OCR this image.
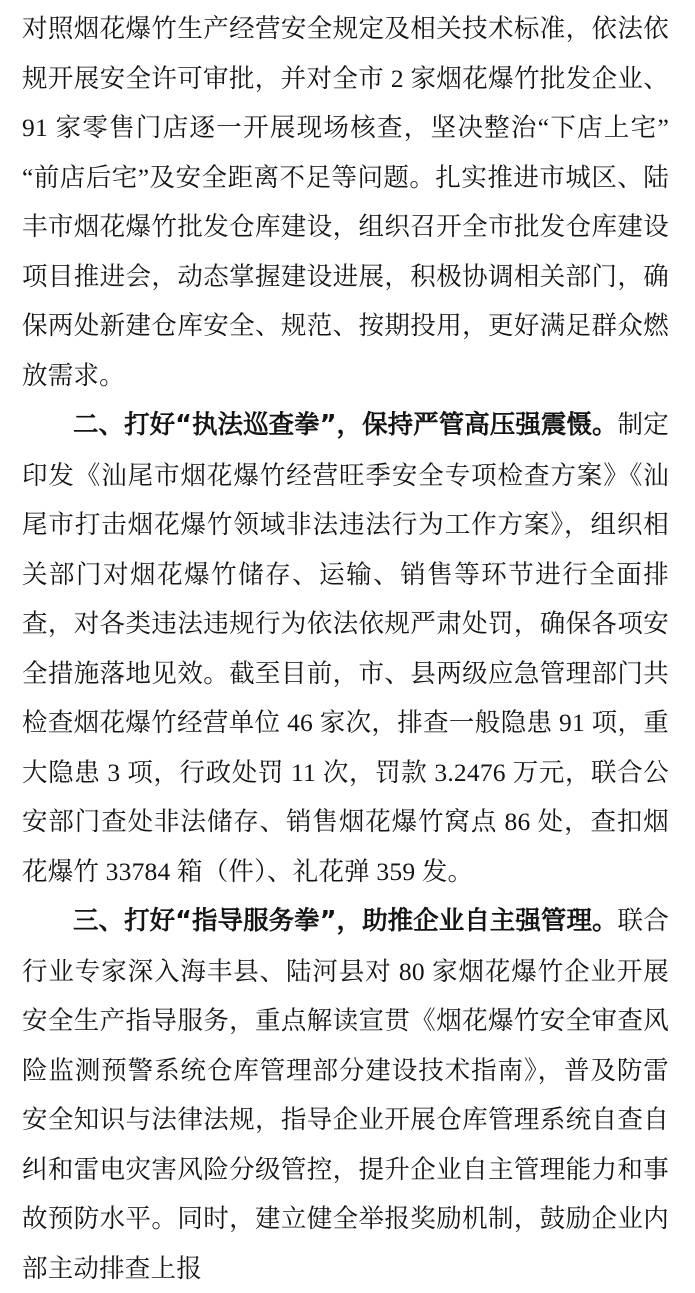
对照烟花爆竹生产经营安全规定及相关技术标准，依法依规开展安全许可审批，并对全市 2 家烟花爆竹批发企业、91 家零售门店逐一开展现场核查，坚决整治“下店上宅”“前店后宅”及安全距离不足等问题。扎实推进市城区、陆丰市烟花爆竹批发仓库建设，组织召开全市批发仓库建设项目推进会，动态掌握建设进展，积极协调相关部门，确保两处新建仓库安全、规范、按期投用，更好满足群众燃放需求。

二、打好“执法巡查拳”，保持严管高压强震慑。制定印发《汕尾市烟花爆竹经营旺季安全专项检查方案》《汕尾市打击烟花爆竹领域非法违法行为工作方案》，组织相关部门对烟花爆竹储存、运输、销售等环节进行全面排查，对各类违法违规行为依法依规严肃处罚，确保各项安全措施落地见效。截至目前，市、县两级应急管理部门共检查烟花爆竹经营单位 46 家次，排查一般隐患 91 项，重大隐患 3 项，行政处罚 11 次，罚款 3.2476 万元，联合公安部门查处非法储存、销售烟花爆竹窝点 86 处，查扣烟花爆竹 33784 箱（件）、礼花弹 359 发。

三、打好“指导服务拳”，助推企业自主强管理。联合行业专家深入海丰县、陆河县对 80 家烟花爆竹企业开展安全生产指导服务，重点解读宣贯《烟花爆竹安全审查风险监测预警系统仓库管理部分建设技术指南》，普及防雷安全知识与法律法规，指导企业开展仓库管理系统自查自纠和雷电灾害风险分级管控，提升企业自主管理能力和事故预防水平。同时，建立健全举报奖励机制，鼓励企业内部主动排查上报
